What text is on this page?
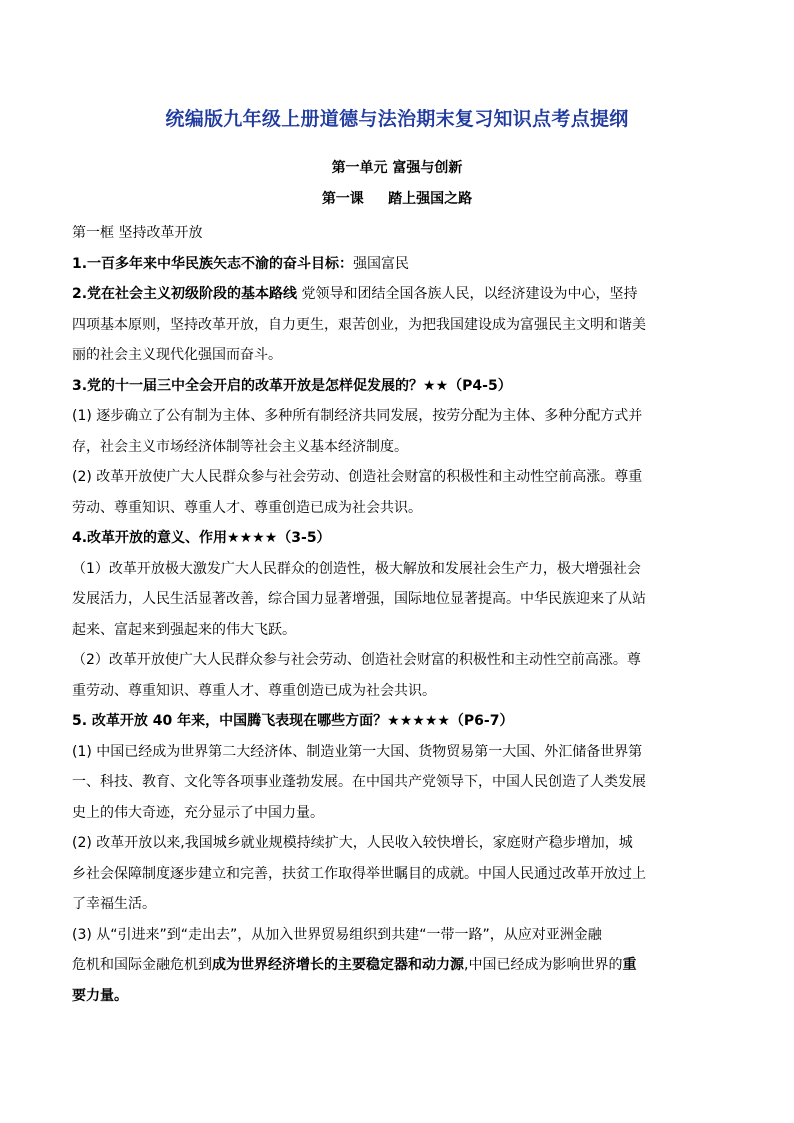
统编版九年级上册道德与法治期末复习知识点考点提纲
第一单元 富强与创新
第一课     踏上强国之路
第一框 坚持改革开放
1.一百多年来中华民族矢志不渝的奋斗目标：强国富民
2.党在社会主义初级阶段的基本路线 党领导和团结全国各族人民，以经济建设为中心，坚持
四项基本原则，坚持改革开放，自力更生，艰苦创业，为把我国建设成为富强民主文明和谐美
丽的社会主义现代化强国而奋斗。
3.党的十一届三中全会开启的改革开放是怎样促发展的？★★（P4-5）
(1) 逐步确立了公有制为主体、多种所有制经济共同发展，按劳分配为主体、多种分配方式并
存，社会主义市场经济体制等社会主义基本经济制度。
(2) 改革开放使广大人民群众参与社会劳动、创造社会财富的积极性和主动性空前高涨。尊重
劳动、尊重知识、尊重人才、尊重创造已成为社会共识。
4.改革开放的意义、作用★★★★（3-5）
（1）改革开放极大激发广大人民群众的创造性，极大解放和发展社会生产力，极大增强社会
发展活力，人民生活显著改善，综合国力显著增强，国际地位显著提高。中华民族迎来了从站
起来、富起来到强起来的伟大飞跃。
（2）改革开放使广大人民群众参与社会劳动、创造社会财富的积极性和主动性空前高涨。尊
重劳动、尊重知识、尊重人才、尊重创造已成为社会共识。
5. 改革开放 40 年来，中国腾飞表现在哪些方面？★★★★★（P6-7）
(1) 中国已经成为世界第二大经济体、制造业第一大国、货物贸易第一大国、外汇储备世界第
一、科技、教育、文化等各项事业蓬勃发展。在中国共产党领导下，中国人民创造了人类发展
史上的伟大奇迹，充分显示了中国力量。
(2) 改革开放以来,我国城乡就业规模持续扩大，人民收入较快增长，家庭财产稳步增加，城
乡社会保障制度逐步建立和完善，扶贫工作取得举世瞩目的成就。中国人民通过改革开放过上
了幸福生活。
(3) 从“引进来”到“走出去”，从加入世界贸易组织到共建“一带一路”，从应对亚洲金融
危机和国际金融危机到成为世界经济增长的主要稳定器和动力源,中国已经成为影响世界的重
要力量。
